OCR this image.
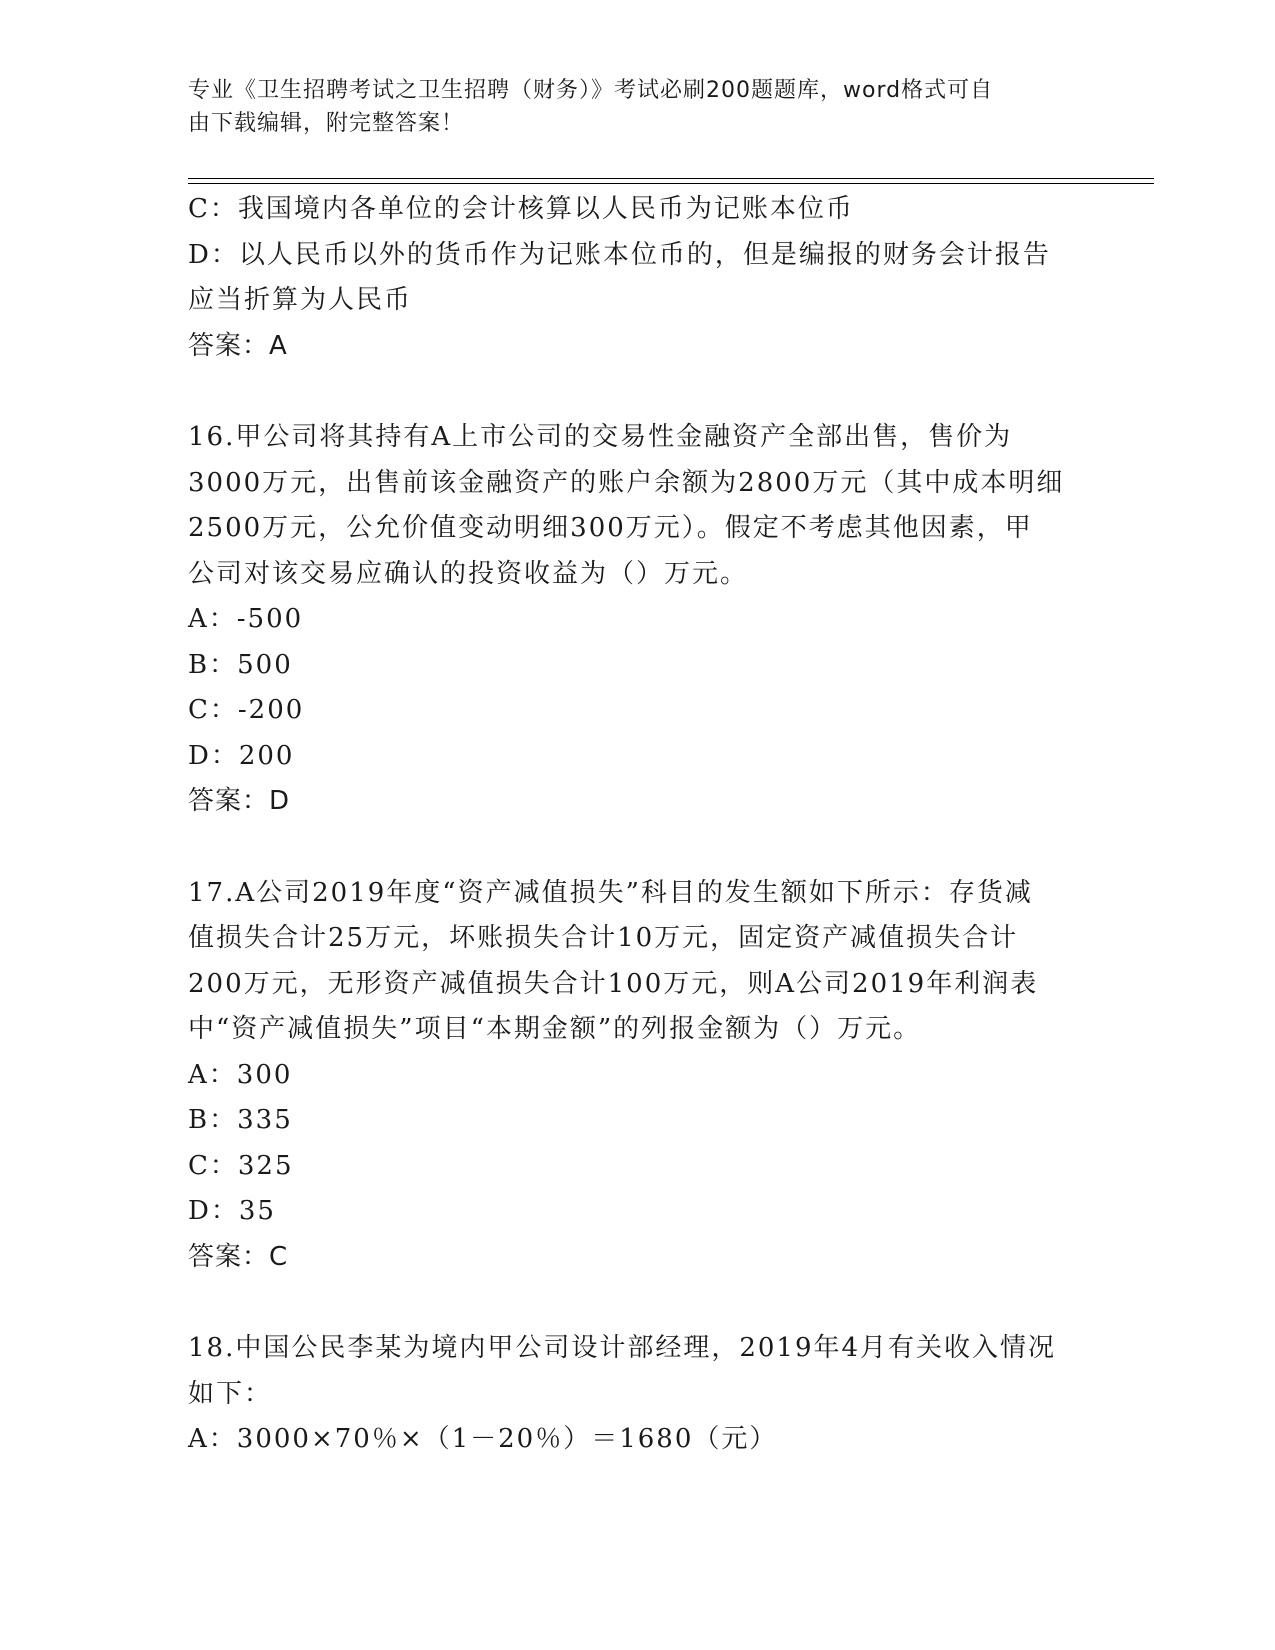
专业《卫生招聘考试之卫生招聘（财务）》考试必刷200题题库，word格式可自
由下载编辑，附完整答案！
C：我国境内各单位的会计核算以人民币为记账本位币
D：以人民币以外的货币作为记账本位币的，但是编报的财务会计报告
应当折算为人民币
答案：A
16.甲公司将其持有A上市公司的交易性金融资产全部出售，售价为
3000万元，出售前该金融资产的账户余额为2800万元（其中成本明细
2500万元，公允价值变动明细300万元）。假定不考虑其他因素，甲
公司对该交易应确认的投资收益为（）万元。
A：-500
B：500
C：-200
D：200
答案：D
17.A公司2019年度“资产减值损失”科目的发生额如下所示：存货减
值损失合计25万元，坏账损失合计10万元，固定资产减值损失合计
200万元，无形资产减值损失合计100万元，则A公司2019年利润表
中“资产减值损失”项目“本期金额”的列报金额为（）万元。
A：300
B：335
C：325
D：35
答案：C
18.中国公民李某为境内甲公司设计部经理，2019年4月有关收入情况
如下：
A：3000×70％×（1－20％）＝1680（元）
